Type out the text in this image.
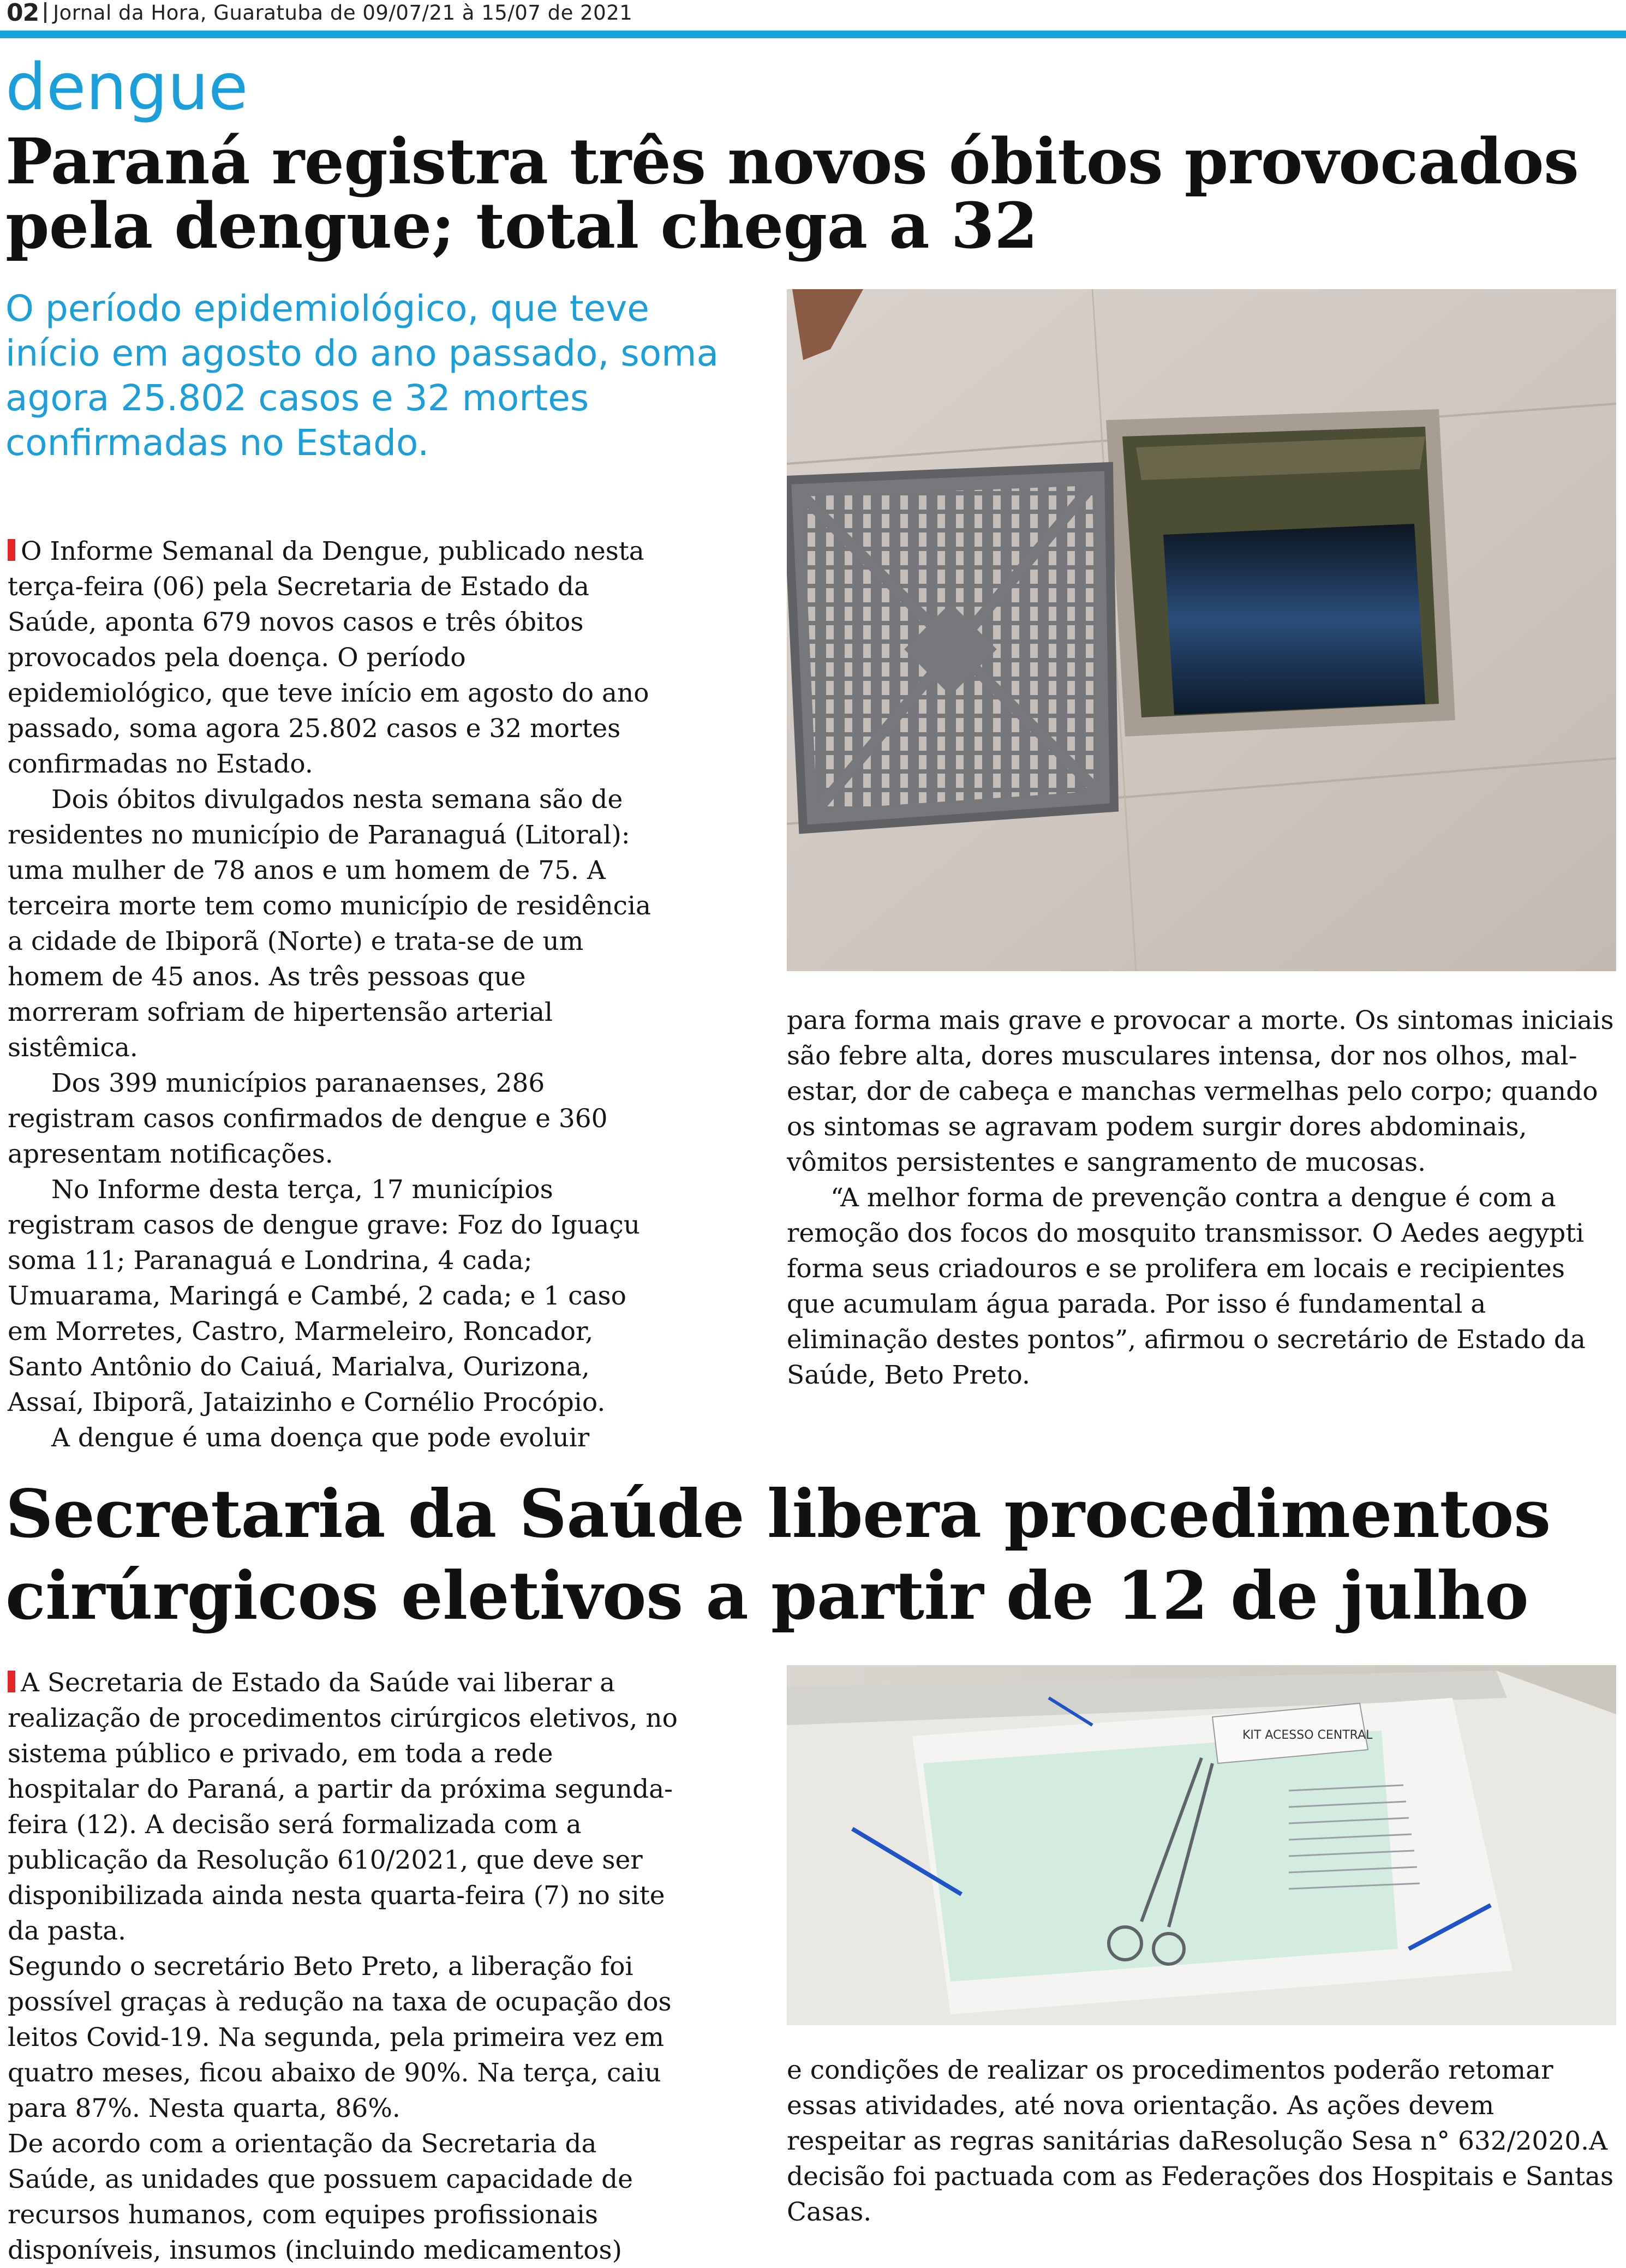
02 Jornal da Hora, Guaratuba de 09/07/21 à 15/07 de 2021
dengue
Paraná registra três novos óbitos provocados pela dengue; total chega a 32
O período epidemiológico, que teve início em agosto do ano passado, soma agora 25.802 casos e 32 mortes confirmadas no Estado.

O Informe Semanal da Dengue, publicado nesta terça-feira (06) pela Secretaria de Estado da Saúde, aponta 679 novos casos e três óbitos provocados pela doença. O período epidemiológico, que teve início em agosto do ano passado, soma agora 25.802 casos e 32 mortes confirmadas no Estado.

Dois óbitos divulgados nesta semana são de residentes no município de Paranaguá (Litoral): uma mulher de 78 anos e um homem de 75. A terceira morte tem como município de residência a cidade de Ibiporã (Norte) e trata-se de um homem de 45 anos. As três pessoas que morreram sofriam de hipertensão arterial sistêmica.

Dos 399 municípios paranaenses, 286 registram casos confirmados de dengue e 360 apresentam notificações.

No Informe desta terça, 17 municípios registram casos de dengue grave: Foz do Iguaçu soma 11; Paranaguá e Londrina, 4 cada; Umuarama, Maringá e Cambé, 2 cada; e 1 caso em Morretes, Castro, Marmeleiro, Roncador, Santo Antônio do Caiuá, Marialva, Ourizona, Assaí, Ibiporã, Jataizinho e Cornélio Procópio.

A dengue é uma doença que pode evoluir

para forma mais grave e provocar a morte. Os sintomas iniciais são febre alta, dores musculares intensa, dor nos olhos, mal-estar, dor de cabeça e manchas vermelhas pelo corpo; quando os sintomas se agravam podem surgir dores abdominais, vômitos persistentes e sangramento de mucosas.

“A melhor forma de prevenção contra a dengue é com a remoção dos focos do mosquito transmissor. O Aedes aegypti forma seus criadouros e se prolifera em locais e recipientes que acumulam água parada. Por isso é fundamental a eliminação destes pontos”, afirmou o secretário de Estado da Saúde, Beto Preto.

Secretaria da Saúde libera procedimentos cirúrgicos eletivos a partir de 12 de julho

A Secretaria de Estado da Saúde vai liberar a realização de procedimentos cirúrgicos eletivos, no sistema público e privado, em toda a rede hospitalar do Paraná, a partir da próxima segunda-feira (12). A decisão será formalizada com a publicação da Resolução 610/2021, que deve ser disponibilizada ainda nesta quarta-feira (7) no site da pasta.

Segundo o secretário Beto Preto, a liberação foi possível graças à redução na taxa de ocupação dos leitos Covid-19. Na segunda, pela primeira vez em quatro meses, ficou abaixo de 90%. Na terça, caiu para 87%. Nesta quarta, 86%.

De acordo com a orientação da Secretaria da Saúde, as unidades que possuem capacidade de recursos humanos, com equipes profissionais disponíveis, insumos (incluindo medicamentos)

KIT ACESSO CENTRAL

e condições de realizar os procedimentos poderão retomar essas atividades, até nova orientação. As ações devem respeitar as regras sanitárias daResolução Sesa n° 632/2020.A decisão foi pactuada com as Federações dos Hospitais e Santas Casas.
